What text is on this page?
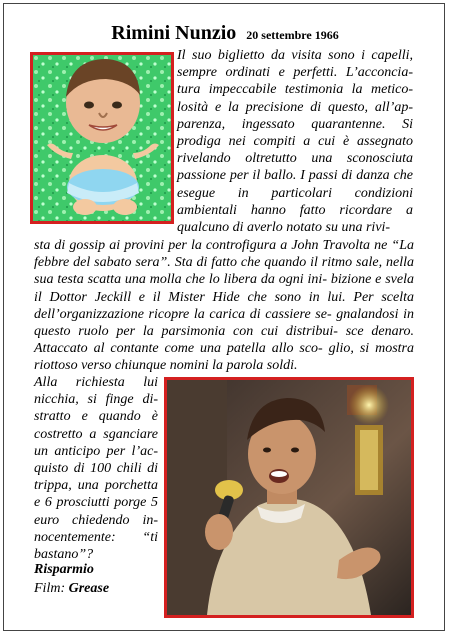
Rimini Nunzio 20 settembre 1966
Il suo biglietto da visita sono i capelli, sempre ordinati e perfetti. L’acconcia- tura impeccabile testimonia la metico- losità e la precisione di questo, all’ap- parenza, ingessato quarantenne. Si prodiga nei compiti a cui è assegnato rivelando oltretutto una sconosciuta passione per il ballo. I passi di danza che esegue in particolari condizioni ambientali hanno fatto ricordare a qualcuno di averlo notato su una rivi-
sta di gossip ai provini per la controfigura a John Travolta ne “La febbre del sabato sera”. Sta di fatto che quando il ritmo sale, nella sua testa scatta una molla che lo libera da ogni ini- bizione e svela il Dottor Jeckill e il Mister Hide che sono in lui. Per scelta dell’organizzazione ricopre la carica di cassiere se- gnalandosi in questo ruolo per la parsimonia con cui distribui- sce denaro. Attaccato al contante come una patella allo sco- glio, si mostra riottoso verso chiunque nomini la parola soldi.
Alla richiesta lui nicchia, si finge di- stratto e quando è costretto a sganciare un anticipo per l’ac- quisto di 100 chili di trippa, una porchetta e 6 prosciutti porge 5 euro chiedendo in- nocentemente: “ti bastano”?
Risparmio
Film: Grease
